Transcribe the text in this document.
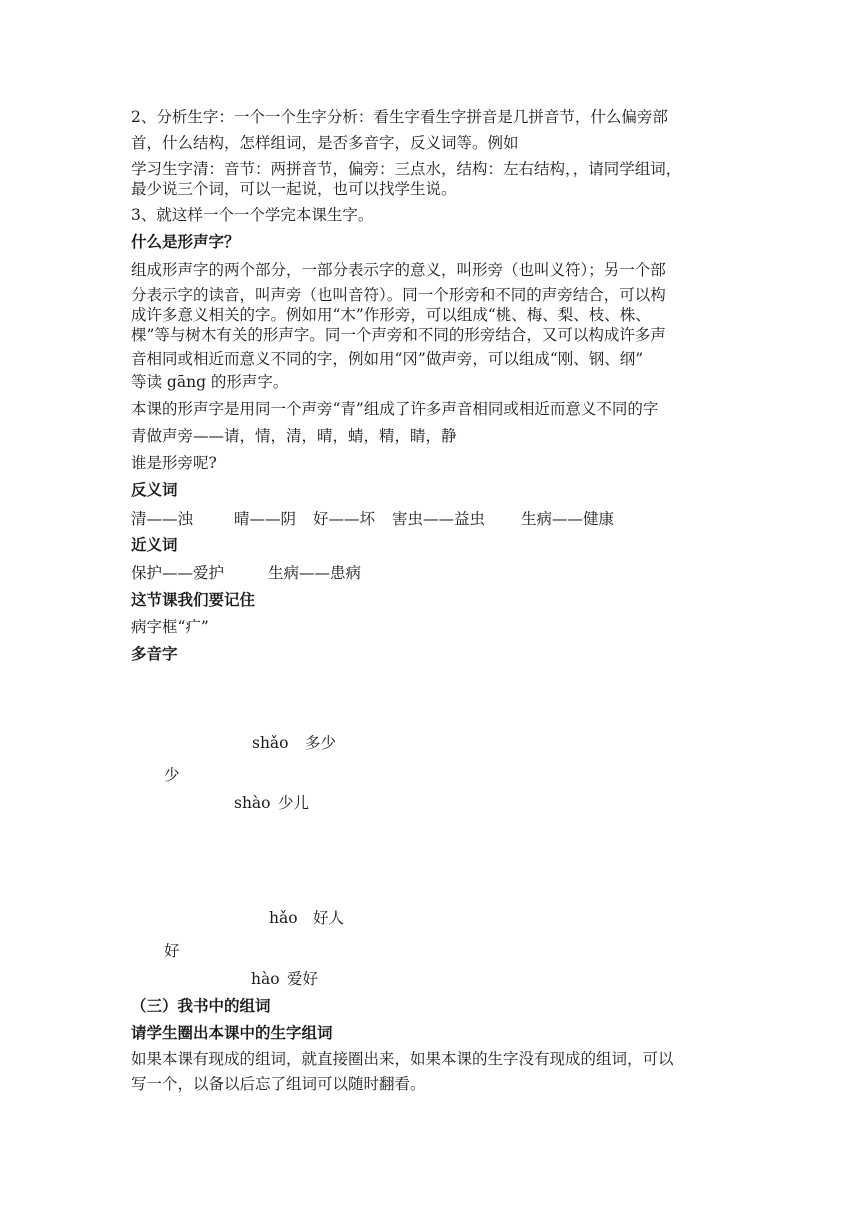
2、分析生字：一个一个生字分析：看生字看生字拼音是几拼音节，什么偏旁部
首，什么结构，怎样组词，是否多音字，反义词等。例如
学习生字清：音节：两拼音节，偏旁：三点水，结构：左右结构，，请同学组词，
最少说三个词，可以一起说，也可以找学生说。
3、就这样一个一个学完本课生字。
什么是形声字？
组成形声字的两个部分，一部分表示字的意义，叫形旁（也叫义符）；另一个部
分表示字的读音，叫声旁（也叫音符）。同一个形旁和不同的声旁结合，可以构
成许多意义相关的字。例如用“木”作形旁，可以组成“桃、梅、梨、枝、株、
棵”等与树木有关的形声字。同一个声旁和不同的形旁结合，又可以构成许多声
音相同或相近而意义不同的字，例如用“冈”做声旁，可以组成“刚、钢、纲”
等读 gāng 的形声字。
本课的形声字是用同一个声旁“青”组成了许多声音相同或相近而意义不同的字
青做声旁——请，情，清，晴，蜻，精，睛，静
谁是形旁呢?
反义词
清——浊	晴——阴 好——坏 害虫——益虫 生病——健康
近义词
保护——爱护	生病——患病
这节课我们要记住
病字框“疒”
多音字
shǎo 多少
少
shào 少儿
hǎo 好人
好
hào 爱好
（三）我书中的组词
请学生圈出本课中的生字组词
如果本课有现成的组词，就直接圈出来，如果本课的生字没有现成的组词，可以
写一个，以备以后忘了组词可以随时翻看。
